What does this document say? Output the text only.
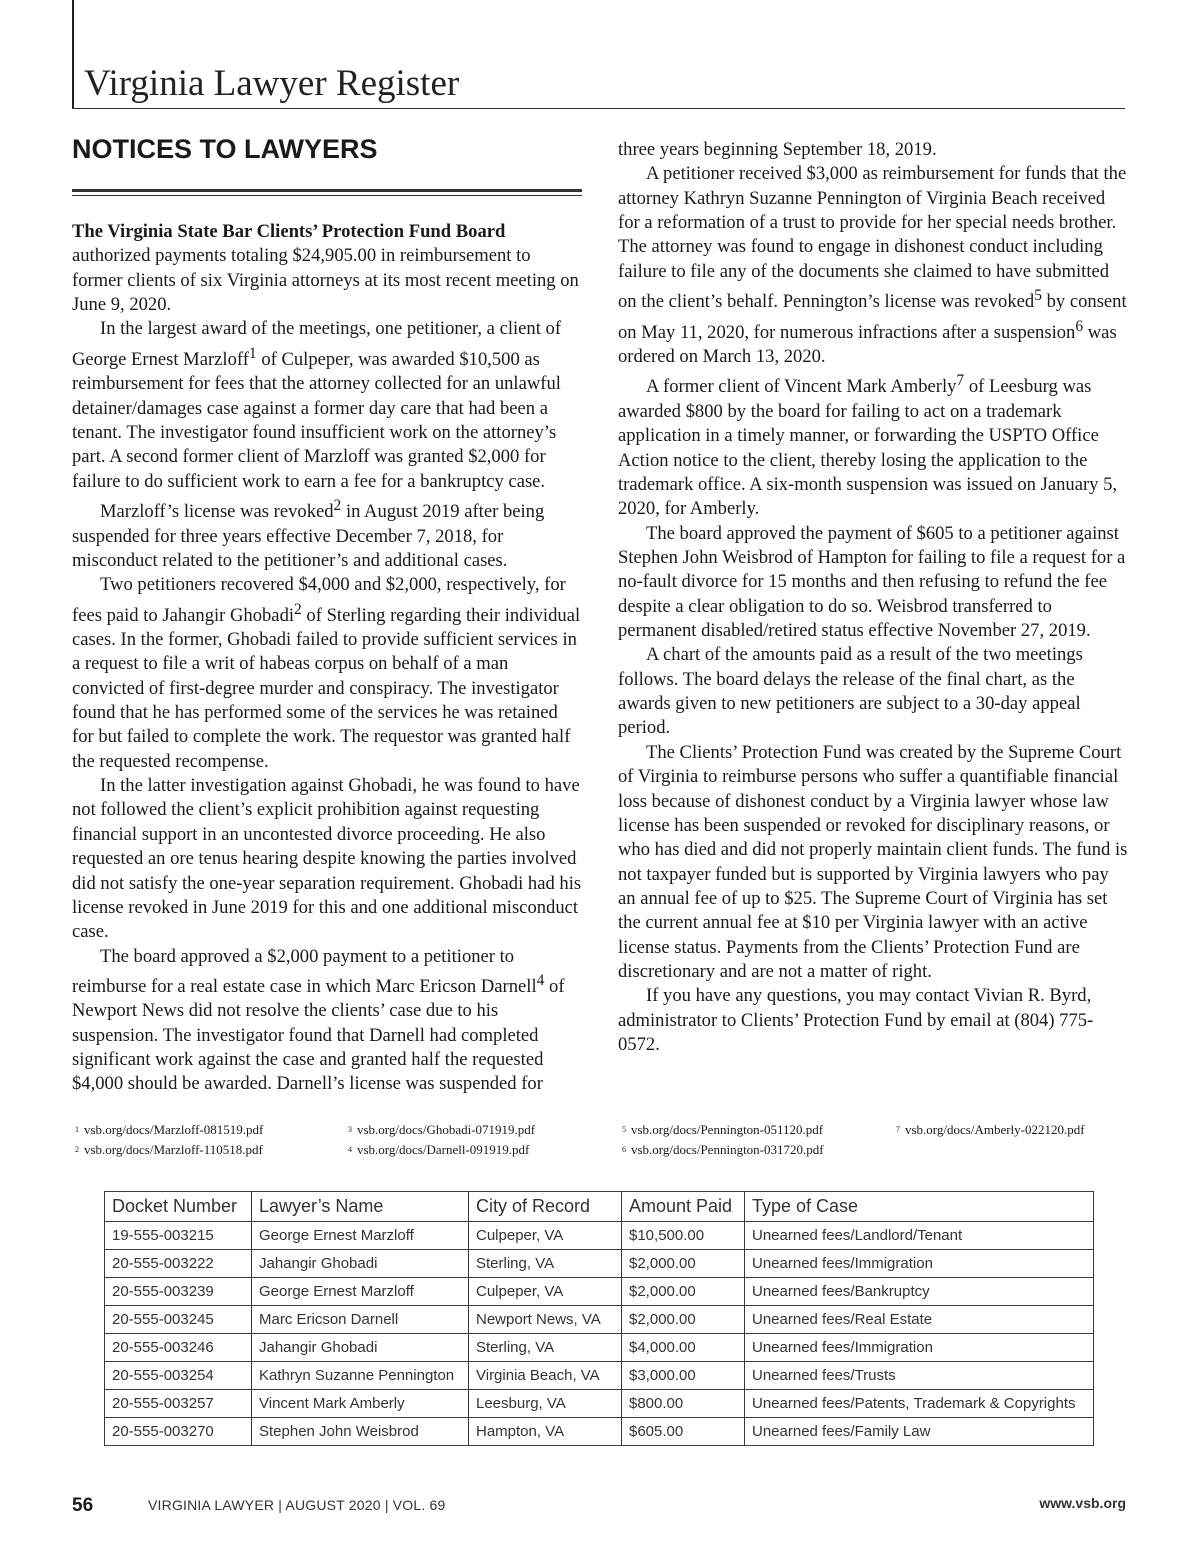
Virginia Lawyer Register
NOTICES TO LAWYERS

The Virginia State Bar Clients’ Protection Fund Board authorized payments totaling $24,905.00 in reimbursement to former clients of six Virginia attorneys at its most recent meeting on June 9, 2020.

In the largest award of the meetings, one petitioner, a client of George Ernest Marzloff$^1$ of Culpeper, was awarded $10,500 as reimbursement for fees that the attorney collected for an unlawful detainer/damages case against a former day care that had been a tenant. The investigator found insufficient work on the attorney’s part. A second former client of Marzloff was granted $2,000 for failure to do sufficient work to earn a fee for a bankruptcy case.

Marzloff’s license was revoked$^2$ in August 2019 after being suspended for three years effective December 7, 2018, for misconduct related to the petitioner’s and additional cases.

Two petitioners recovered $4,000 and $2,000, respectively, for fees paid to Jahangir Ghobadi$^2$ of Sterling regarding their individual cases. In the former, Ghobadi failed to provide sufficient services in a request to file a writ of habeas corpus on behalf of a man convicted of first-degree murder and conspiracy. The investigator found that he has performed some of the services he was retained for but failed to complete the work. The requestor was granted half the requested recompense.

In the latter investigation against Ghobadi, he was found to have not followed the client’s explicit prohibition against requesting financial support in an uncontested divorce proceeding. He also requested an ore tenus hearing despite knowing the parties involved did not satisfy the one-year separation requirement. Ghobadi had his license revoked in June 2019 for this and one additional misconduct case.

The board approved a $2,000 payment to a petitioner to reimburse for a real estate case in which Marc Ericson Darnell$^4$ of Newport News did not resolve the clients’ case due to his suspension. The investigator found that Darnell had completed significant work against the case and granted half the requested $4,000 should be awarded. Darnell’s license was suspended for

three years beginning September 18, 2019.

A petitioner received $3,000 as reimbursement for funds that the attorney Kathryn Suzanne Pennington of Virginia Beach received for a reformation of a trust to provide for her special needs brother. The attorney was found to engage in dishonest conduct including failure to file any of the documents she claimed to have submitted on the client’s behalf. Pennington’s license was revoked$^5$ by consent on May 11, 2020, for numerous infractions after a suspension$^6$ was ordered on March 13, 2020.

A former client of Vincent Mark Amberly$^7$ of Leesburg was awarded $800 by the board for failing to act on a trademark application in a timely manner, or forwarding the USPTO Office Action notice to the client, thereby losing the application to the trademark office. A six-month suspension was issued on January 5, 2020, for Amberly.

The board approved the payment of $605 to a petitioner against Stephen John Weisbrod of Hampton for failing to file a request for a no-fault divorce for 15 months and then refusing to refund the fee despite a clear obligation to do so. Weisbrod transferred to permanent disabled/retired status effective November 27, 2019.

A chart of the amounts paid as a result of the two meetings follows. The board delays the release of the final chart, as the awards given to new petitioners are subject to a 30-day appeal period.

The Clients’ Protection Fund was created by the Supreme Court of Virginia to reimburse persons who suffer a quantifiable financial loss because of dishonest conduct by a Virginia lawyer whose law license has been suspended or revoked for disciplinary reasons, or who has died and did not properly maintain client funds. The fund is not taxpayer funded but is supported by Virginia lawyers who pay an annual fee of up to $25. The Supreme Court of Virginia has set the current annual fee at $10 per Virginia lawyer with an active license status. Payments from the Clients’ Protection Fund are discretionary and are not a matter of right.

If you have any questions, you may contact Vivian R. Byrd, administrator to Clients’ Protection Fund by email at (804) 775-0572.

$^1$ vsb.org/docs/Marzloff-081519.pdf
$^2$ vsb.org/docs/Marzloff-110518.pdf
$^3$ vsb.org/docs/Ghobadi-071919.pdf
$^4$ vsb.org/docs/Darnell-091919.pdf
$^5$ vsb.org/docs/Pennington-051120.pdf
$^6$ vsb.org/docs/Pennington-031720.pdf
$^7$ vsb.org/docs/Amberly-022120.pdf
Docket Number	Lawyer’s Name	City of Record	Amount Paid	Type of Case
19-555-003215	George Ernest Marzloff	Culpeper, VA	$10,500.00	Unearned fees/Landlord/Tenant
20-555-003222	Jahangir Ghobadi	Sterling, VA	$2,000.00	Unearned fees/Immigration
20-555-003239	George Ernest Marzloff	Culpeper, VA	$2,000.00	Unearned fees/Bankruptcy
20-555-003245	Marc Ericson Darnell	Newport News, VA	$2,000.00	Unearned fees/Real Estate
20-555-003246	Jahangir Ghobadi	Sterling, VA	$4,000.00	Unearned fees/Immigration
20-555-003254	Kathryn Suzanne Pennington	Virginia Beach, VA	$3,000.00	Unearned fees/Trusts
20-555-003257	Vincent Mark Amberly	Leesburg, VA	$800.00	Unearned fees/Patents, Trademark & Copyrights
20-555-003270	Stephen John Weisbrod	Hampton, VA	$605.00	Unearned fees/Family Law
56	VIRGINIA LAWYER | AUGUST 2020 | VOL. 69	www.vsb.org
